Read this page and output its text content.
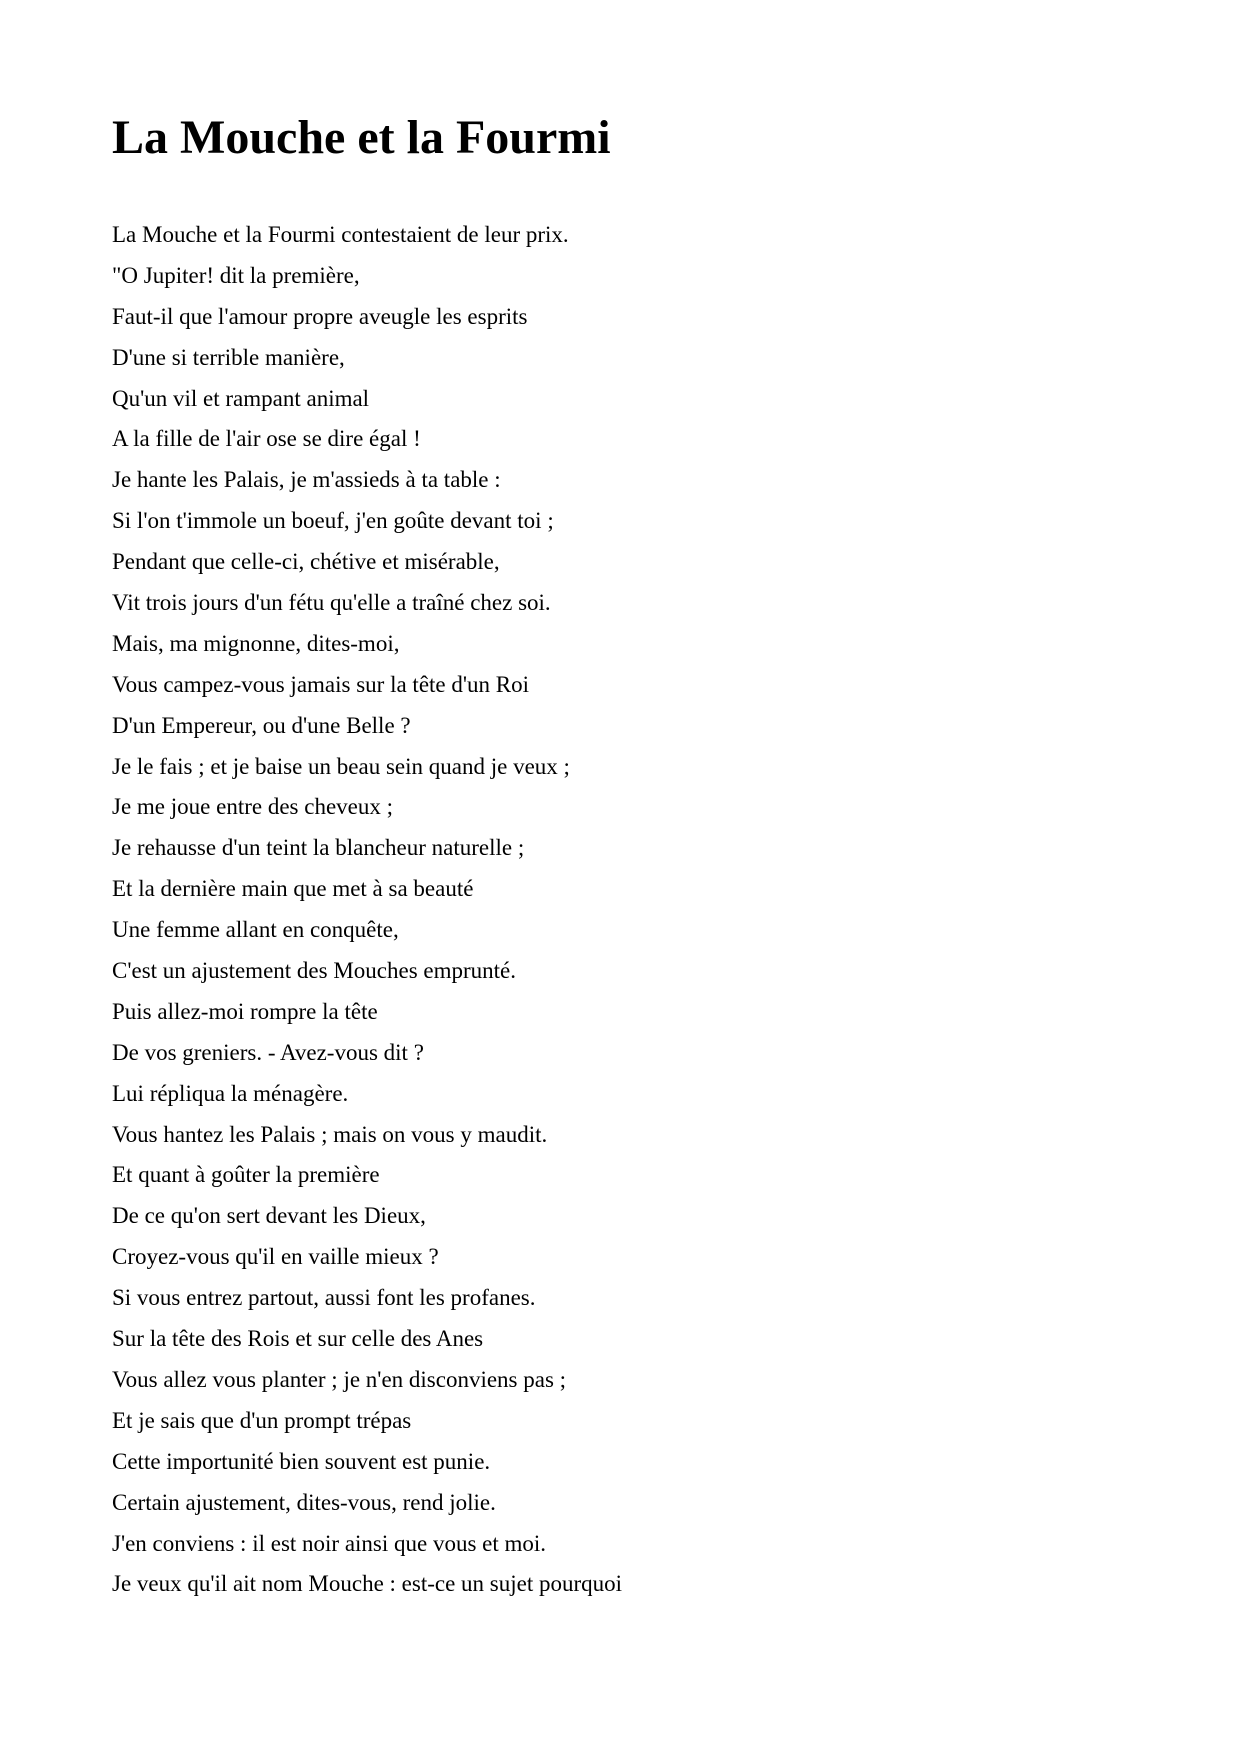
La Mouche et la Fourmi
La Mouche et la Fourmi contestaient de leur prix.
"O Jupiter! dit la première,
Faut-il que l'amour propre aveugle les esprits
D'une si terrible manière,
Qu'un vil et rampant animal
A la fille de l'air ose se dire égal !
Je hante les Palais, je m'assieds à ta table :
Si l'on t'immole un boeuf, j'en goûte devant toi ;
Pendant que celle-ci, chétive et misérable,
Vit trois jours d'un fétu qu'elle a traîné chez soi.
Mais, ma mignonne, dites-moi,
Vous campez-vous jamais sur la tête d'un Roi
D'un Empereur, ou d'une Belle ?
Je le fais ; et je baise un beau sein quand je veux ;
Je me joue entre des cheveux ;
Je rehausse d'un teint la blancheur naturelle ;
Et la dernière main que met à sa beauté
Une femme allant en conquête,
C'est un ajustement des Mouches emprunté.
Puis allez-moi rompre la tête
De vos greniers. - Avez-vous dit ?
Lui répliqua la ménagère.
Vous hantez les Palais ; mais on vous y maudit.
Et quant à goûter la première
De ce qu'on sert devant les Dieux,
Croyez-vous qu'il en vaille mieux ?
Si vous entrez partout, aussi font les profanes.
Sur la tête des Rois et sur celle des Anes
Vous allez vous planter ; je n'en disconviens pas ;
Et je sais que d'un prompt trépas
Cette importunité bien souvent est punie.
Certain ajustement, dites-vous, rend jolie.
J'en conviens : il est noir ainsi que vous et moi.
Je veux qu'il ait nom Mouche : est-ce un sujet pourquoi
